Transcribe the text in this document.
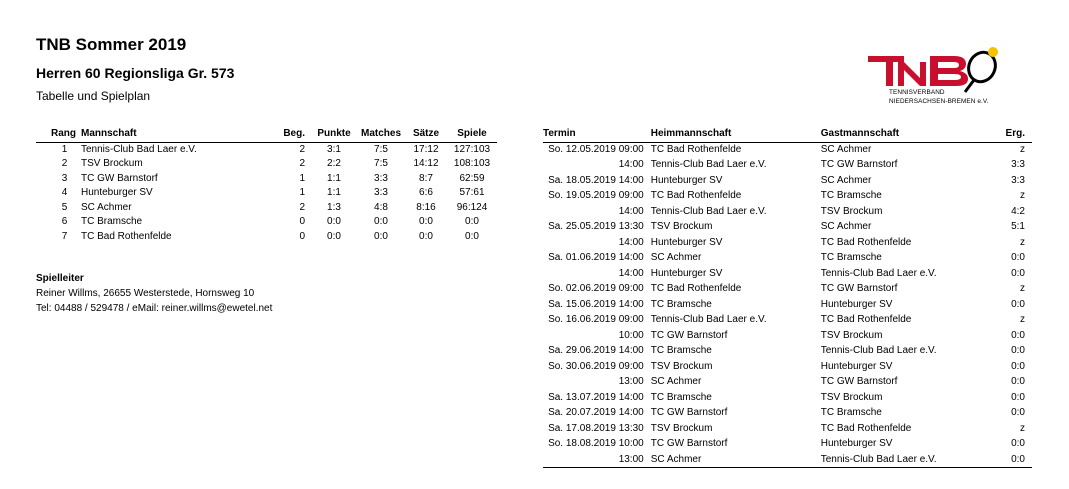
TNB Sommer 2019
Herren 60 Regionsliga Gr. 573
Tabelle und Spielplan	TENNISVERBAND
NIEDERSACHSEN-BREMEN e.V.
Rang	Mannschaft	Beg.	Punkte	Matches	Sätze	Spiele
1	Tennis-Club Bad Laer e.V.	2	3:1	7:5	17:12	127:103
2	TSV Brockum	2	2:2	7:5	14:12	108:103
3	TC GW Barnstorf	1	1:1	3:3	8:7	62:59
4	Hunteburger SV	1	1:1	3:3	6:6	57:61
5	SC Achmer	2	1:3	4:8	8:16	96:124
6	TC Bramsche	0	0:0	0:0	0:0	0:0
7	TC Bad Rothenfelde	0	0:0	0:0	0:0	0:0
Spielleiter
Reiner Willms, 26655 Westerstede, Hornsweg 10
Tel: 04488 / 529478 / eMail: reiner.willms@ewetel.net
Termin	Heimmannschaft	Gastmannschaft	Erg.
So. 12.05.2019 09:00	TC Bad Rothenfelde	SC Achmer	z
14:00	Tennis-Club Bad Laer e.V.	TC GW Barnstorf	3:3
Sa. 18.05.2019 14:00	Hunteburger SV	SC Achmer	3:3
So. 19.05.2019 09:00	TC Bad Rothenfelde	TC Bramsche	z
14:00	Tennis-Club Bad Laer e.V.	TSV Brockum	4:2
Sa. 25.05.2019 13:30	TSV Brockum	SC Achmer	5:1
14:00	Hunteburger SV	TC Bad Rothenfelde	z
Sa. 01.06.2019 14:00	SC Achmer	TC Bramsche	0:0
14:00	Hunteburger SV	Tennis-Club Bad Laer e.V.	0:0
So. 02.06.2019 09:00	TC Bad Rothenfelde	TC GW Barnstorf	z
Sa. 15.06.2019 14:00	TC Bramsche	Hunteburger SV	0:0
So. 16.06.2019 09:00	Tennis-Club Bad Laer e.V.	TC Bad Rothenfelde	z
10:00	TC GW Barnstorf	TSV Brockum	0:0
Sa. 29.06.2019 14:00	TC Bramsche	Tennis-Club Bad Laer e.V.	0:0
So. 30.06.2019 09:00	TSV Brockum	Hunteburger SV	0:0
13:00	SC Achmer	TC GW Barnstorf	0:0
Sa. 13.07.2019 14:00	TC Bramsche	TSV Brockum	0:0
Sa. 20.07.2019 14:00	TC GW Barnstorf	TC Bramsche	0:0
Sa. 17.08.2019 13:30	TSV Brockum	TC Bad Rothenfelde	z
So. 18.08.2019 10:00	TC GW Barnstorf	Hunteburger SV	0:0
13:00	SC Achmer	Tennis-Club Bad Laer e.V.	0:0
